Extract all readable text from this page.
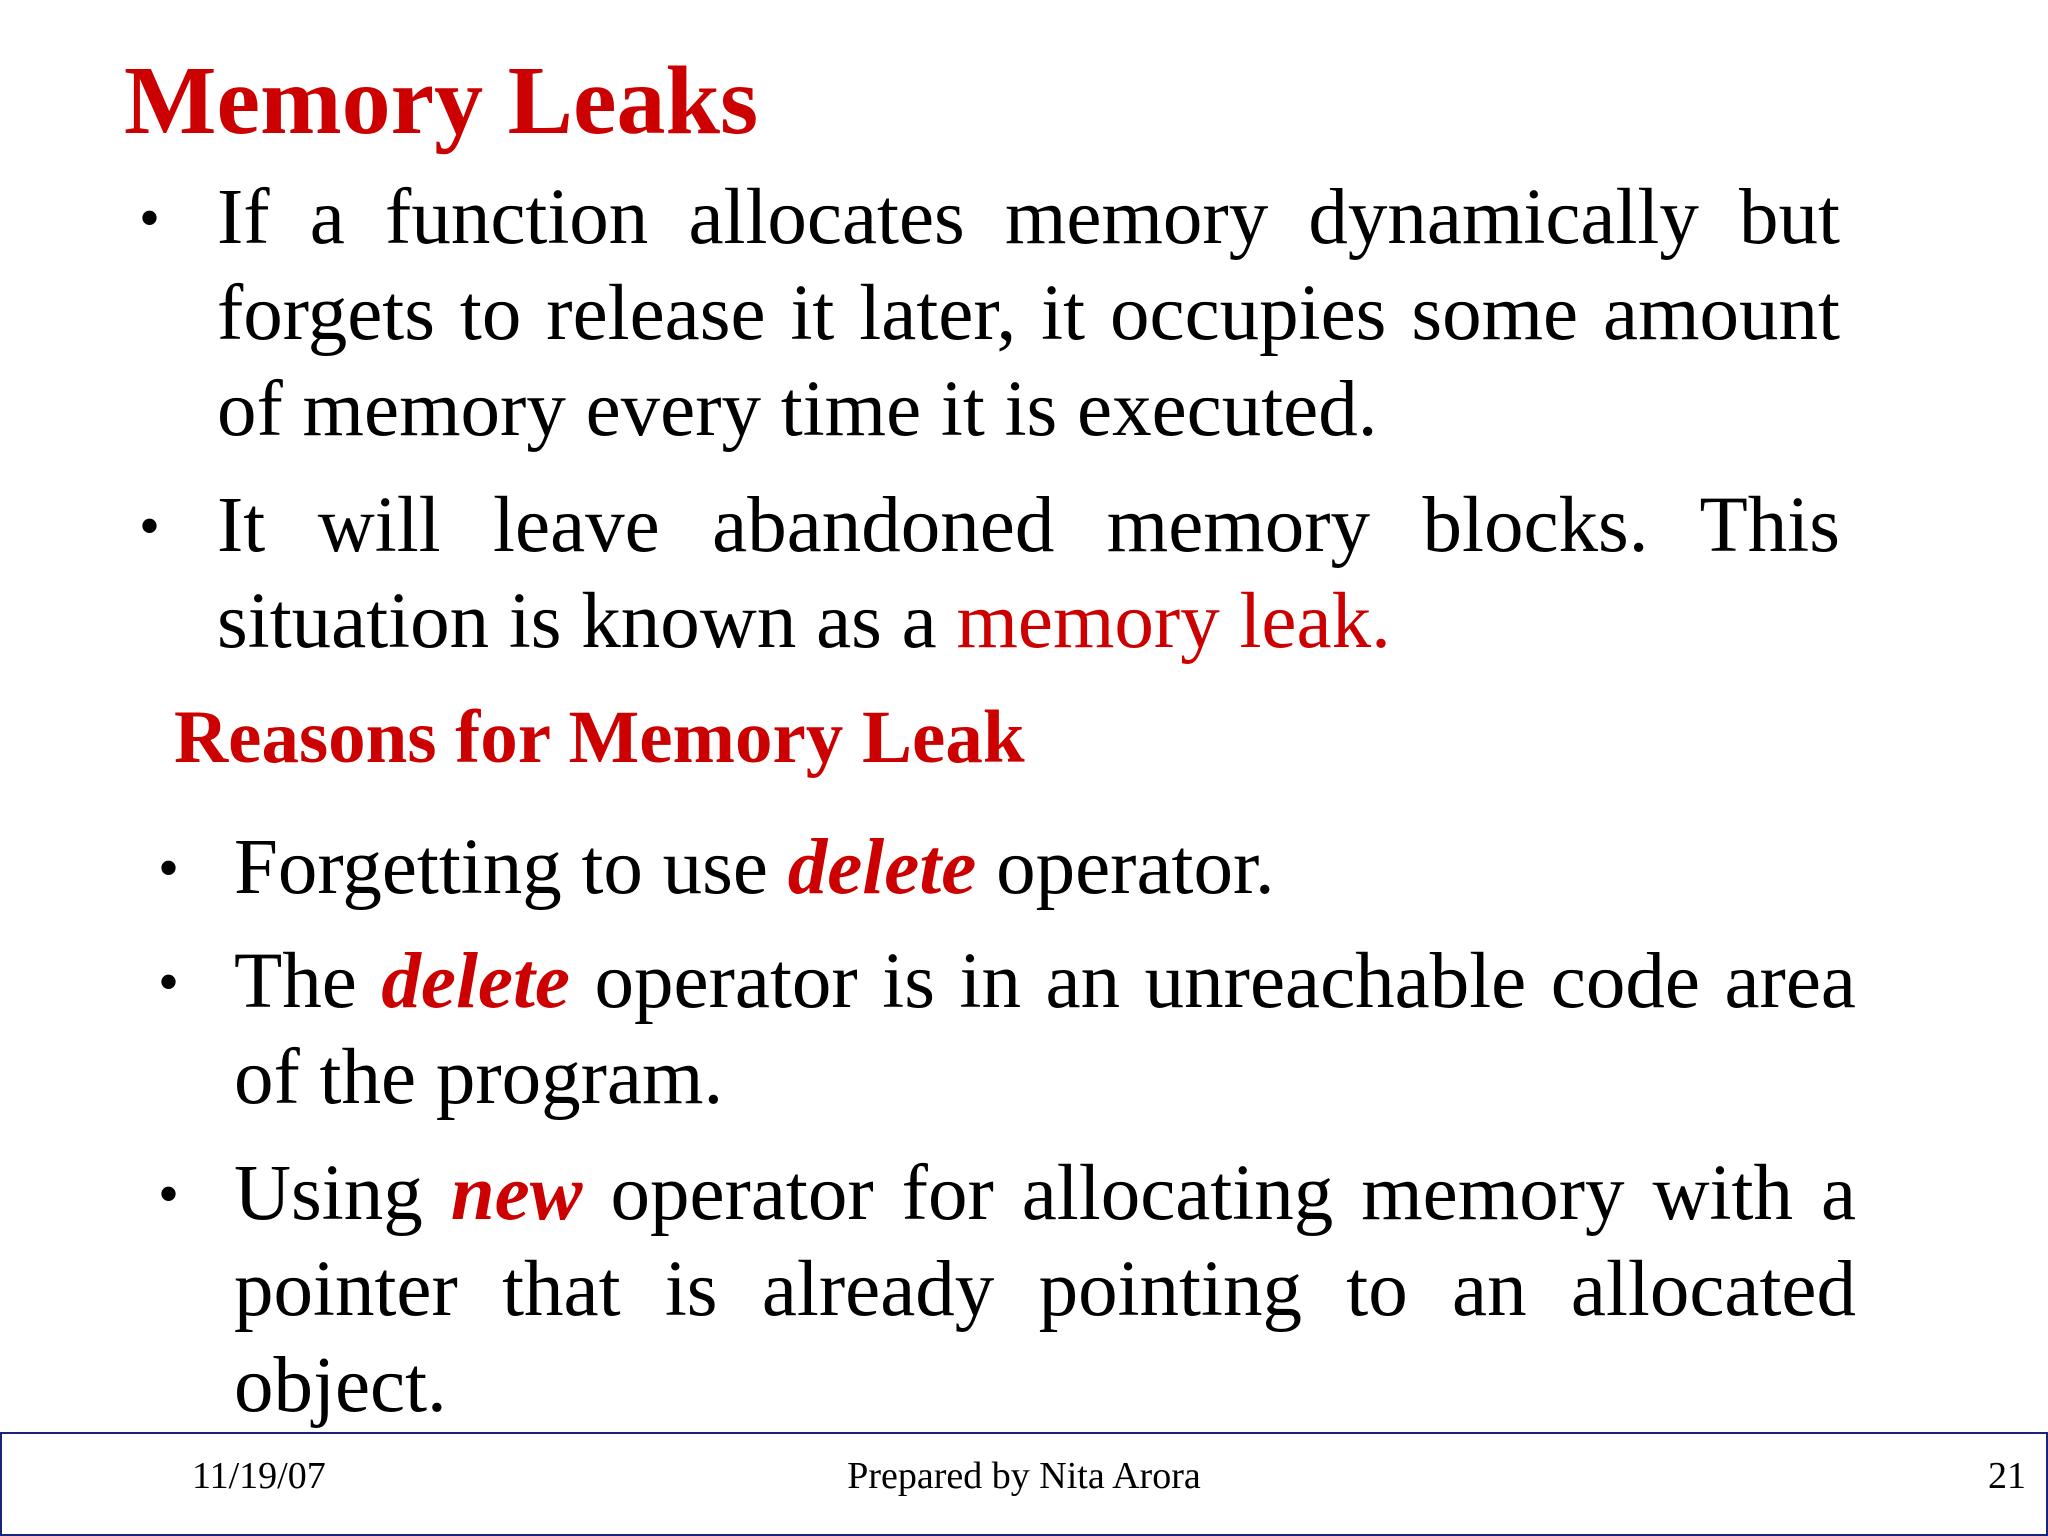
Memory Leaks

• If a function allocates memory dynamically but forgets to release it later, it occupies some amount of memory every time it is executed.

• It will leave abandoned memory blocks. This situation is known as a memory leak.

Reasons for Memory Leak

• Forgetting to use delete operator.

• The delete operator is in an unreachable code area of the program.

• Using new operator for allocating memory with a pointer that is already pointing to an allocated object.

11/19/07	Prepared by Nita Arora	21
